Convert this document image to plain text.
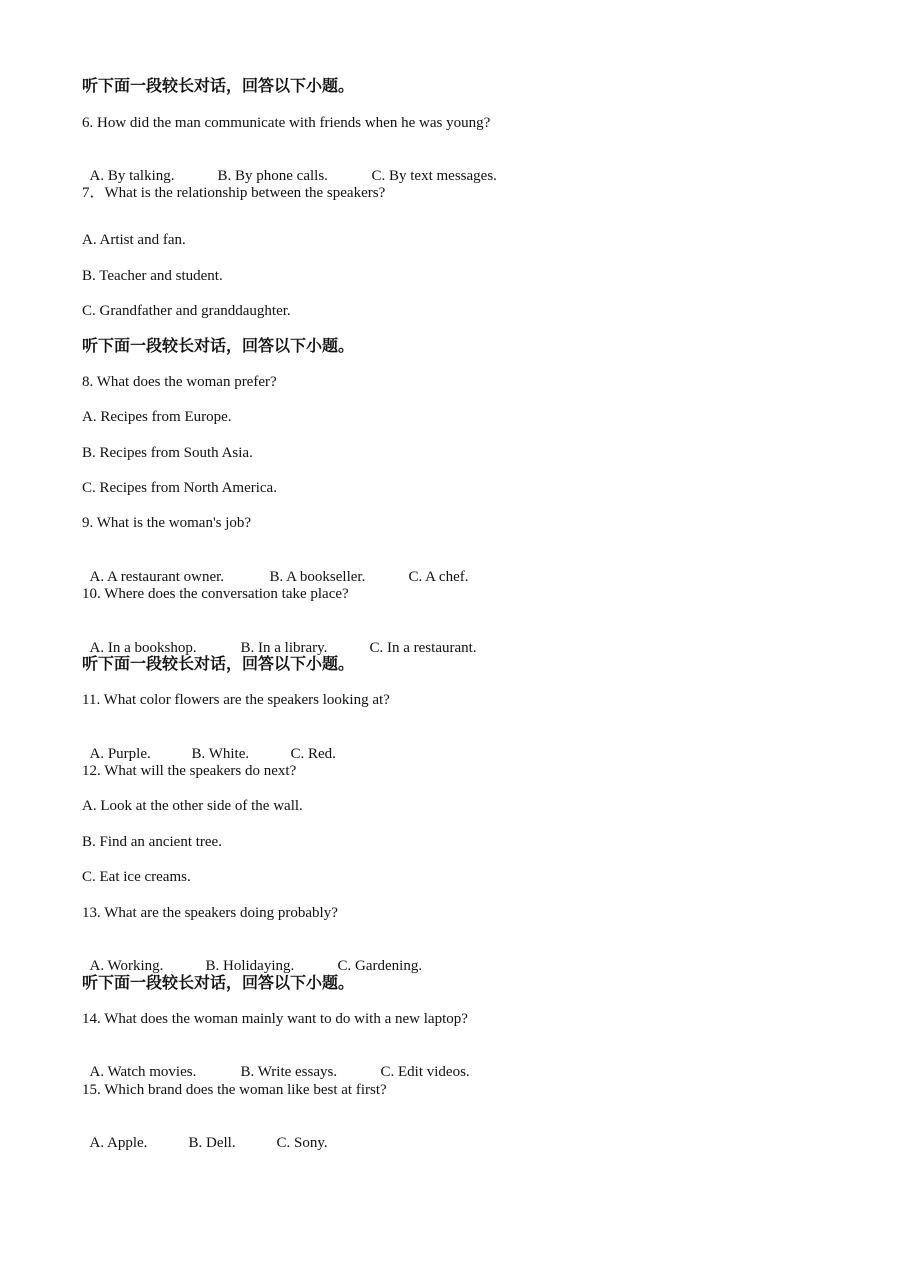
听下面一段较长对话，回答以下小题。
6. How did the man communicate with friends when he was young?

A. By talking.	B. By phone calls.	C. By text messages.

7．What is the relationship between the speakers?
A. Artist and fan.
B. Teacher and student.
C. Grandfather and granddaughter.
听下面一段较长对话，回答以下小题。
8. What does the woman prefer?
A. Recipes from Europe.
B. Recipes from South Asia.
C. Recipes from North America.
9. What is the woman's job?

A. A restaurant owner.	B. A bookseller.	C. A chef.

10. Where does the conversation take place?

A. In a bookshop.	B. In a library.	C. In a restaurant.

听下面一段较长对话，回答以下小题。
11. What color flowers are the speakers looking at?

A. Purple.	B. White.	C. Red.

12. What will the speakers do next?
A. Look at the other side of the wall.
B. Find an ancient tree.
C. Eat ice creams.
13. What are the speakers doing probably?

A. Working.	B. Holidaying.	C. Gardening.

听下面一段较长对话，回答以下小题。
14. What does the woman mainly want to do with a new laptop?

A. Watch movies.	B. Write essays.	C. Edit videos.

15. Which brand does the woman like best at first?

A. Apple.	B. Dell.	C. Sony.
